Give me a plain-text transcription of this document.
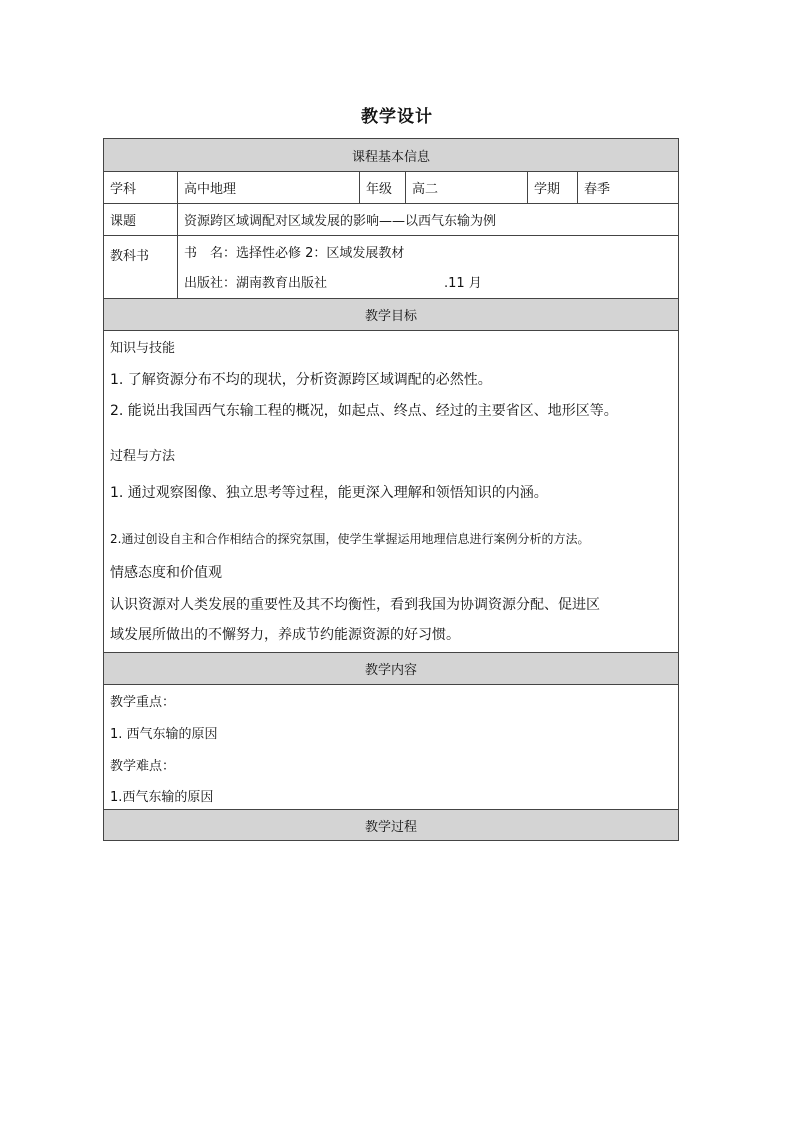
教学设计
课程基本信息
学科	高中地理	年级	高二	学期	春季
课题	资源跨区域调配对区域发展的影响——以西气东输为例
教科书	书　名：选择性必修 2：区域发展教材
出版社：湖南教育出版社	.11 月
教学目标
知识与技能
1. 了解资源分布不均的现状，分析资源跨区域调配的必然性。
2. 能说出我国西气东输工程的概况，如起点、终点、经过的主要省区、地形区等。
过程与方法
1. 通过观察图像、独立思考等过程，能更深入理解和领悟知识的内涵。
2.通过创设自主和合作相结合的探究氛围，使学生掌握运用地理信息进行案例分析的方法。
情感态度和价值观
认识资源对人类发展的重要性及其不均衡性，看到我国为协调资源分配、促进区
域发展所做出的不懈努力，养成节约能源资源的好习惯。
教学内容
教学重点：
1. 西气东输的原因
教学难点：
1.西气东输的原因
教学过程
